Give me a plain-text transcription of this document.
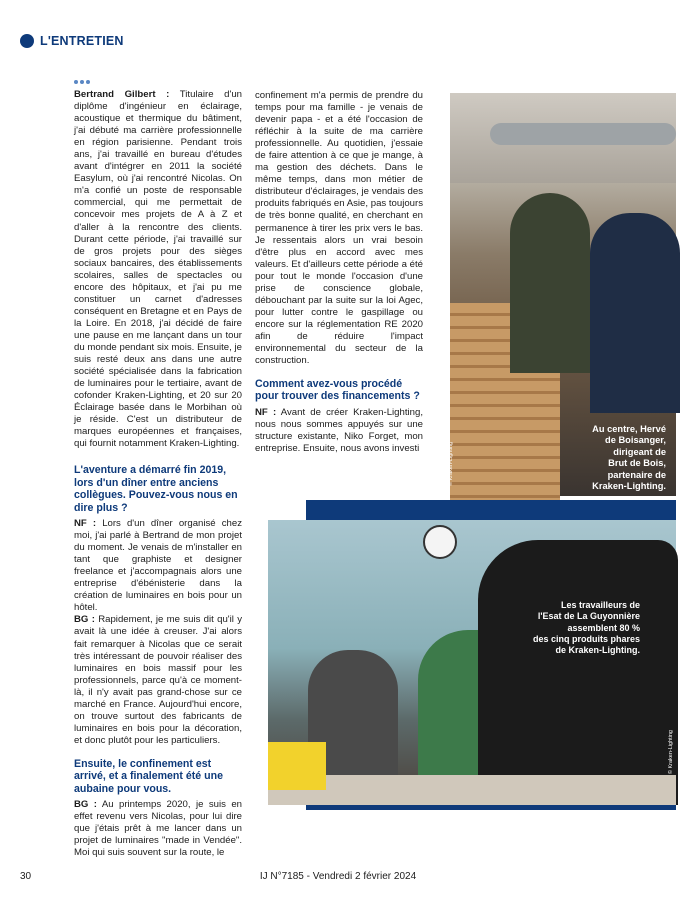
L'ENTRETIEN

Bertrand Gilbert : Titulaire d'un diplôme d'ingénieur en éclairage, acoustique et thermique du bâtiment, j'ai débuté ma carrière professionnelle en région parisienne. Pendant trois ans, j'ai travaillé en bureau d'études avant d'intégrer en 2011 la société Easylum, où j'ai rencontré Nicolas. On m'a confié un poste de responsable commercial, qui me permettait de concevoir mes projets de A à Z et d'aller à la rencontre des clients. Durant cette période, j'ai travaillé sur de gros projets pour des sièges sociaux bancaires, des établissements scolaires, salles de spectacles ou encore des hôpitaux, et j'ai pu me constituer un carnet d'adresses conséquent en Bretagne et en Pays de la Loire. En 2018, j'ai décidé de faire une pause en me lançant dans un tour du monde pendant six mois. Ensuite, je suis resté deux ans dans une autre société spécialisée dans la fabrication de luminaires pour le tertiaire, avant de cofonder Kraken-Lighting, et 20 sur 20 Éclairage basée dans le Morbihan où je réside. C'est un distributeur de marques européennes et françaises, qui fournit notamment Kraken-Lighting.

L'aventure a démarré fin 2019, lors d'un dîner entre anciens collègues. Pouvez-vous nous en dire plus ?

NF : Lors d'un dîner organisé chez moi, j'ai parlé à Bertrand de mon projet du moment. Je venais de m'installer en tant que graphiste et designer freelance et j'accompagnais alors une entreprise d'ébénisterie dans la création de luminaires en bois pour un hôtel.

BG : Rapidement, je me suis dit qu'il y avait là une idée à creuser. J'ai alors fait remarquer à Nicolas que ce serait très intéressant de pouvoir réaliser des luminaires en bois massif pour les professionnels, parce qu'à ce moment-là, il n'y avait pas grand-chose sur ce marché en France. Aujourd'hui encore, on trouve surtout des fabricants de luminaires en bois pour la décoration, et donc plutôt pour les particuliers.

Ensuite, le confinement est arrivé, et a finalement été une aubaine pour vous.

BG : Au printemps 2020, je suis en effet revenu vers Nicolas, pour lui dire que j'étais prêt à me lancer dans un projet de luminaires "made in Vendée". Moi qui suis souvent sur la route, le

confinement m'a permis de prendre du temps pour ma famille - je venais de devenir papa - et a été l'occasion de réfléchir à la suite de ma carrière professionnelle. Au quotidien, j'essaie de faire attention à ce que je mange, à ma gestion des déchets. Dans le même temps, dans mon métier de distributeur d'éclairages, je vendais des produits fabriqués en Asie, pas toujours de très bonne qualité, en cherchant en permanence à tirer les prix vers le bas. Je ressentais alors un vrai besoin d'être plus en accord avec mes valeurs. Et d'ailleurs cette période a été pour tout le monde l'occasion d'une prise de conscience globale, débouchant par la suite sur la loi Agec, pour lutter contre le gaspillage ou encore sur la réglementation RE 2020 afin de réduire l'impact environnemental du secteur de la construction.

Comment avez-vous procédé pour trouver des financements ?

NF : Avant de créer Kraken-Lighting, nous nous sommes appuyés sur une structure existante, Niko Forget, mon entreprise. Ensuite, nous avons investi

Au centre, Hervé
de Boisanger,
dirigeant de
Brut de Bois,
partenaire de
Kraken-Lighting.
© Kraken-Lighting
Les travailleurs de
l'Esat de La Guyonnière
assemblent 80 %
des cinq produits phares
de Kraken-Lighting.
© Kraken-Lighting
30	IJ N°7185 - Vendredi 2 février 2024
